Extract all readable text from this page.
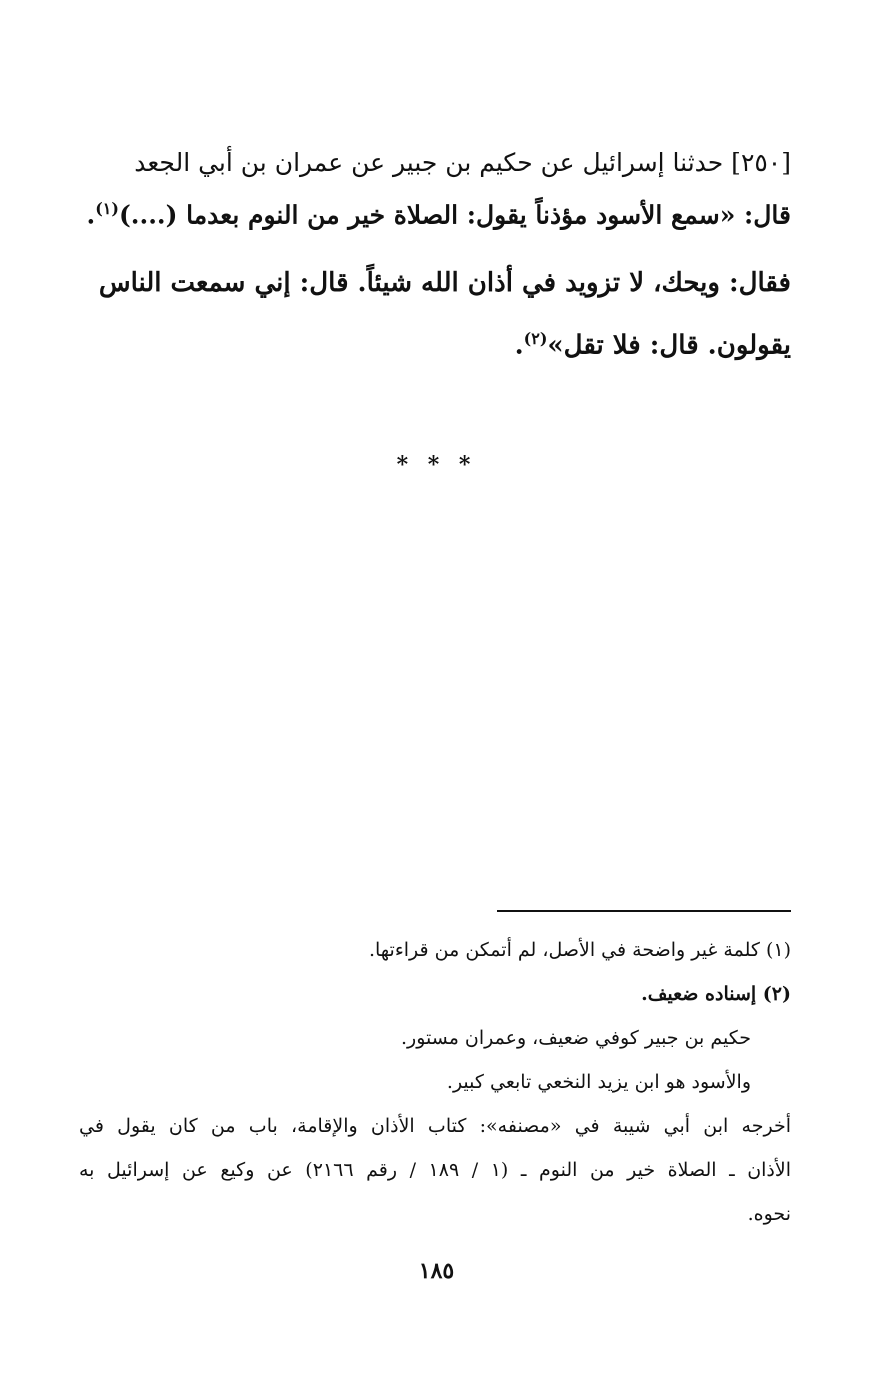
[٢٥٠] حدثنا إسرائيل عن حكيم بن جبير عن عمران بن أبي الجعد
قال: «سمع الأسود مؤذناً يقول: الصلاة خير من النوم بعدما (....)$^{(١)}$.
فقال: ويحك، لا تزويد في أذان الله شيئاً. قال: إني سمعت الناس
يقولون. قال: فلا تقل»$^{(٢)}$.
* * *
(١) كلمة غير واضحة في الأصل، لم أتمكن من قراءتها.
(٢) إسناده ضعيف.
حكيم بن جبير كوفي ضعيف، وعمران مستور.
والأسود هو ابن يزيد النخعي تابعي كبير.
أخرجه ابن أبي شيبة في «مصنفه»: كتاب الأذان والإقامة، باب من كان يقول في
الأذان ـ الصلاة خير من النوم ـ (١ / ١٨٩ / رقم ٢١٦٦) عن وكيع عن إسرائيل به
نحوه.
١٨٥
